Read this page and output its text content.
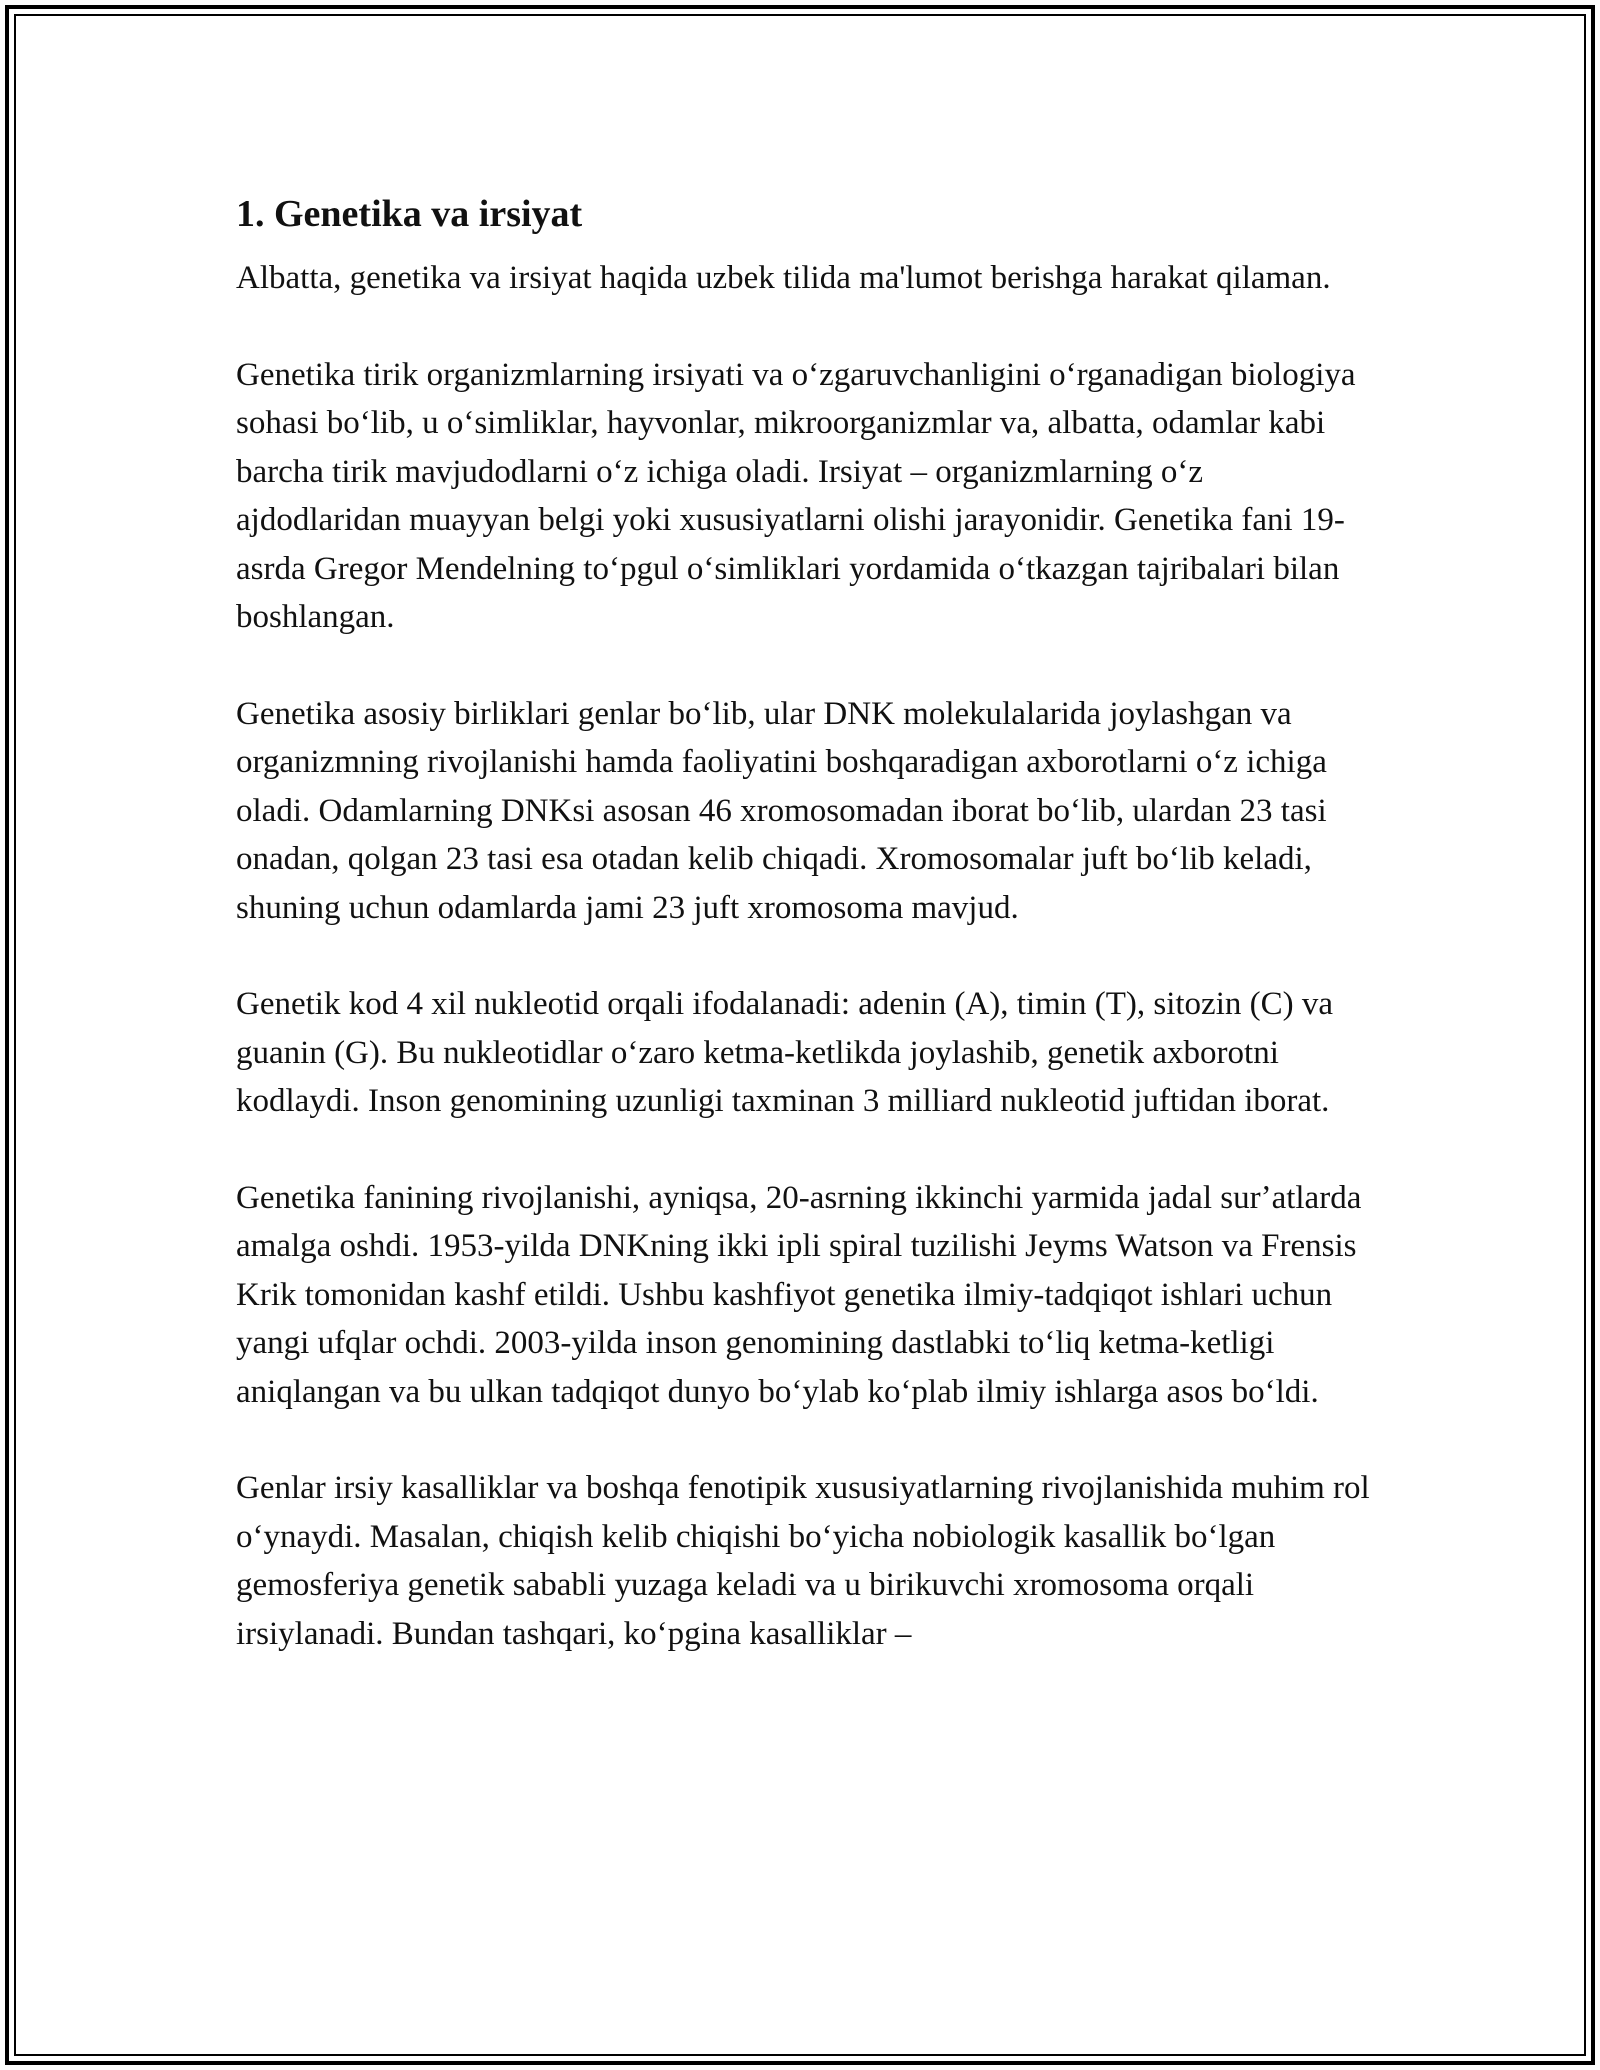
1. Genetika va irsiyat

Albatta, genetika va irsiyat haqida uzbek tilida ma'lumot berishga harakat qilaman.

Genetika tirik organizmlarning irsiyati va oʻzgaruvchanligini oʻrganadigan biologiya sohasi boʻlib, u oʻsimliklar, hayvonlar, mikroorganizmlar va, albatta, odamlar kabi barcha tirik mavjudodlarni oʻz ichiga oladi. Irsiyat – organizmlarning oʻz ajdodlaridan muayyan belgi yoki xususiyatlarni olishi jarayonidir. Genetika fani 19-asrda Gregor Mendelning toʻpgul oʻsimliklari yordamida oʻtkazgan tajribalari bilan boshlangan.

Genetika asosiy birliklari genlar boʻlib, ular DNK molekulalarida joylashgan va organizmning rivojlanishi hamda faoliyatini boshqaradigan axborotlarni oʻz ichiga oladi. Odamlarning DNKsi asosan 46 xromosomadan iborat boʻlib, ulardan 23 tasi onadan, qolgan 23 tasi esa otadan kelib chiqadi. Xromosomalar juft boʻlib keladi, shuning uchun odamlarda jami 23 juft xromosoma mavjud.

Genetik kod 4 xil nukleotid orqali ifodalanadi: adenin (A), timin (T), sitozin (C) va guanin (G). Bu nukleotidlar oʻzaro ketma-ketlikda joylashib, genetik axborotni kodlaydi. Inson genomining uzunligi taxminan 3 milliard nukleotid juftidan iborat.

Genetika fanining rivojlanishi, ayniqsa, 20-asrning ikkinchi yarmida jadal surʼatlarda amalga oshdi. 1953-yilda DNKning ikki ipli spiral tuzilishi Jeyms Watson va Frensis Krik tomonidan kashf etildi. Ushbu kashfiyot genetika ilmiy-tadqiqot ishlari uchun yangi ufqlar ochdi. 2003-yilda inson genomining dastlabki toʻliq ketma-ketligi aniqlangan va bu ulkan tadqiqot dunyo boʻylab koʻplab ilmiy ishlarga asos boʻldi.

Genlar irsiy kasalliklar va boshqa fenotipik xususiyatlarning rivojlanishida muhim rol oʻynaydi. Masalan, chiqish kelib chiqishi boʻyicha nobiologik kasallik boʻlgan gemosferiya genetik sababli yuzaga keladi va u birikuvchi xromosoma orqali irsiylanadi. Bundan tashqari, koʻpgina kasalliklar –
